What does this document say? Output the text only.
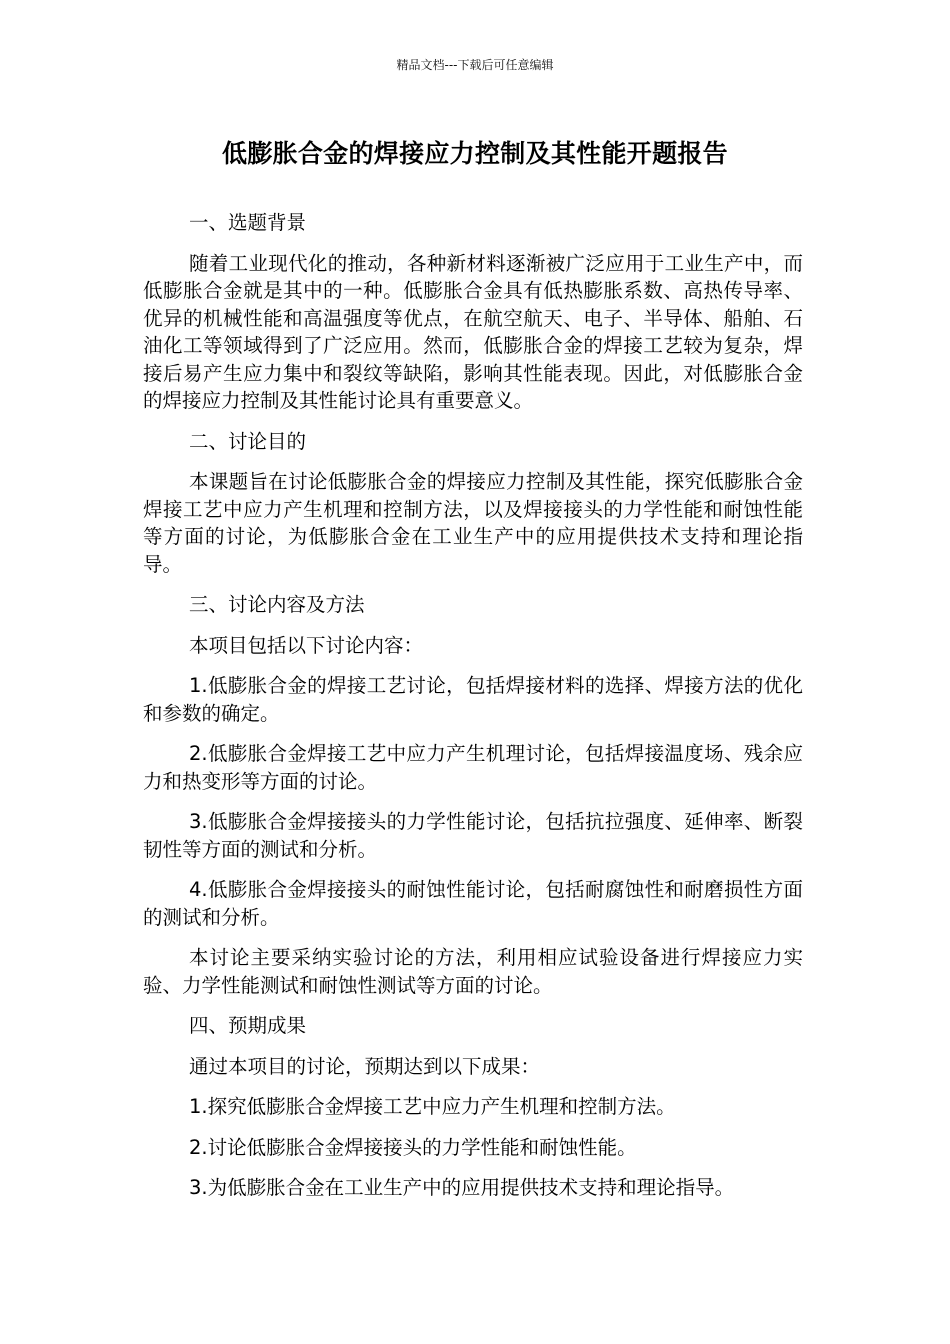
精品文档---下载后可任意编辑
低膨胀合金的焊接应力控制及其性能开题报告

一、选题背景

随着工业现代化的推动，各种新材料逐渐被广泛应用于工业生产中，而低膨胀合金就是其中的一种。低膨胀合金具有低热膨胀系数、高热传导率、优异的机械性能和高温强度等优点，在航空航天、电子、半导体、船舶、石油化工等领域得到了广泛应用。然而，低膨胀合金的焊接工艺较为复杂，焊接后易产生应力集中和裂纹等缺陷，影响其性能表现。因此，对低膨胀合金的焊接应力控制及其性能讨论具有重要意义。

二、讨论目的

本课题旨在讨论低膨胀合金的焊接应力控制及其性能，探究低膨胀合金焊接工艺中应力产生机理和控制方法，以及焊接接头的力学性能和耐蚀性能等方面的讨论，为低膨胀合金在工业生产中的应用提供技术支持和理论指导。

三、讨论内容及方法

本项目包括以下讨论内容：

1.低膨胀合金的焊接工艺讨论，包括焊接材料的选择、焊接方法的优化和参数的确定。

2.低膨胀合金焊接工艺中应力产生机理讨论，包括焊接温度场、残余应力和热变形等方面的讨论。

3.低膨胀合金焊接接头的力学性能讨论，包括抗拉强度、延伸率、断裂韧性等方面的测试和分析。

4.低膨胀合金焊接接头的耐蚀性能讨论，包括耐腐蚀性和耐磨损性方面的测试和分析。

本讨论主要采纳实验讨论的方法，利用相应试验设备进行焊接应力实验、力学性能测试和耐蚀性测试等方面的讨论。

四、预期成果

通过本项目的讨论，预期达到以下成果：

1.探究低膨胀合金焊接工艺中应力产生机理和控制方法。

2.讨论低膨胀合金焊接接头的力学性能和耐蚀性能。

3.为低膨胀合金在工业生产中的应用提供技术支持和理论指导。
